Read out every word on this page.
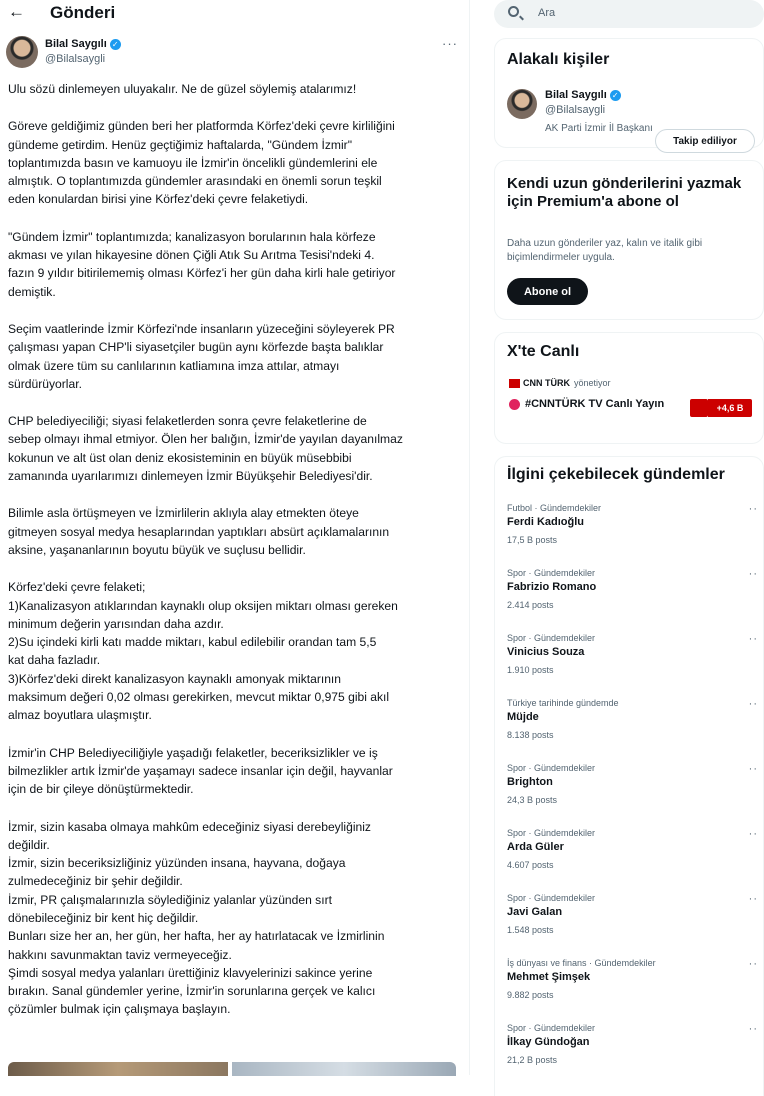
← Gönderi
Bilal Saygılı ✓
@Bilalsaygli
···
Ulu sözü dinlemeyen uluyakalır. Ne de güzel söylemiş atalarımız!
Göreve geldiğimiz günden beri her platformda Körfez'deki çevre kirliliğini
gündeme getirdim. Henüz geçtiğimiz haftalarda, "Gündem İzmir"
toplantımızda basın ve kamuoyu ile İzmir'in öncelikli gündemlerini ele
almıştık. O toplantımızda gündemler arasındaki en önemli sorun teşkil
eden konulardan birisi yine Körfez'deki çevre felaketiydi.
"Gündem İzmir" toplantımızda; kanalizasyon borularının hala körfeze
akması ve yılan hikayesine dönen Çiğli Atık Su Arıtma Tesisi'ndeki 4.
fazın 9 yıldır bitirilememiş olması Körfez'i her gün daha kirli hale getiriyor
demiştik.
Seçim vaatlerinde İzmir Körfezi'nde insanların yüzeceğini söyleyerek PR
çalışması yapan CHP'li siyasetçiler bugün aynı körfezde başta balıklar
olmak üzere tüm su canlılarının katliamına imza attılar, atmayı
sürdürüyorlar.
CHP belediyeciliği; siyasi felaketlerden sonra çevre felaketlerine de
sebep olmayı ihmal etmiyor. Ölen her balığın, İzmir'de yayılan dayanılmaz
kokunun ve alt üst olan deniz ekosisteminin en büyük müsebbibi
zamanında uyarılarımızı dinlemeyen İzmir Büyükşehir Belediyesi'dir.
Bilimle asla örtüşmeyen ve İzmirlilerin aklıyla alay etmekten öteye
gitmeyen sosyal medya hesaplarından yaptıkları absürt açıklamalarının
aksine, yaşananlarının boyutu büyük ve suçlusu bellidir.
Körfez'deki çevre felaketi;
1)Kanalizasyon atıklarından kaynaklı olup oksijen miktarı olması gereken
minimum değerin yarısından daha azdır.
2)Su içindeki kirli katı madde miktarı, kabul edilebilir orandan tam 5,5
kat daha fazladır.
3)Körfez'deki direkt kanalizasyon kaynaklı amonyak miktarının
maksimum değeri 0,02 olması gerekirken, mevcut miktar 0,975 gibi akıl
almaz boyutlara ulaşmıştır.
İzmir'in CHP Belediyeciliğiyle yaşadığı felaketler, beceriksizlikler ve iş
bilmezlikler artık İzmir'de yaşamayı sadece insanlar için değil, hayvanlar
için de bir çileye dönüştürmektedir.
İzmir, sizin kasaba olmaya mahkûm edeceğiniz siyasi derebeyliğiniz
değildir.
İzmir, sizin beceriksizliğiniz yüzünden insana, hayvana, doğaya
zulmedeceğiniz bir şehir değildir.
İzmir, PR çalışmalarınızla söylediğiniz yalanlar yüzünden sırt
dönebileceğiniz bir kent hiç değildir.
Bunları size her an, her gün, her hafta, her ay hatırlatacak ve İzmirlinin
hakkını savunmaktan taviz vermeyeceğiz.
Şimdi sosyal medya yalanları ürettiğiniz klavyelerinizi sakince yerine
bırakın. Sanal gündemler yerine, İzmir'in sorunlarına gerçek ve kalıcı
çözümler bulmak için çalışmaya başlayın.
Ara
Alakalı kişiler
Bilal Saygılı ✓
@Bilalsaygli
AK Parti İzmir İl Başkanı
Takip ediliyor
Kendi uzun gönderilerini yazmak için Premium'a abone ol
Daha uzun gönderiler yaz, kalın ve italik gibi biçimlendirmeler uygula.
Abone ol
X'te Canlı
CNN TÜRK yönetiyor
#CNNTÜRK TV Canlı Yayın	+4,6 B
İlgini çekebilecek gündemler
Futbol · Gündemdekiler
Ferdi Kadıoğlu
17,5 B posts
··
Spor · Gündemdekiler
Fabrizio Romano
2.414 posts
··
Spor · Gündemdekiler
Vinicius Souza
1.910 posts
··
Türkiye tarihinde gündemde
Müjde
8.138 posts
··
Spor · Gündemdekiler
Brighton
24,3 B posts
··
Spor · Gündemdekiler
Arda Güler
4.607 posts
··
Spor · Gündemdekiler
Javi Galan
1.548 posts
··
İş dünyası ve finans · Gündemdekiler
Mehmet Şimşek
9.882 posts
··
Spor · Gündemdekiler
İlkay Gündoğan
21,2 B posts
··
